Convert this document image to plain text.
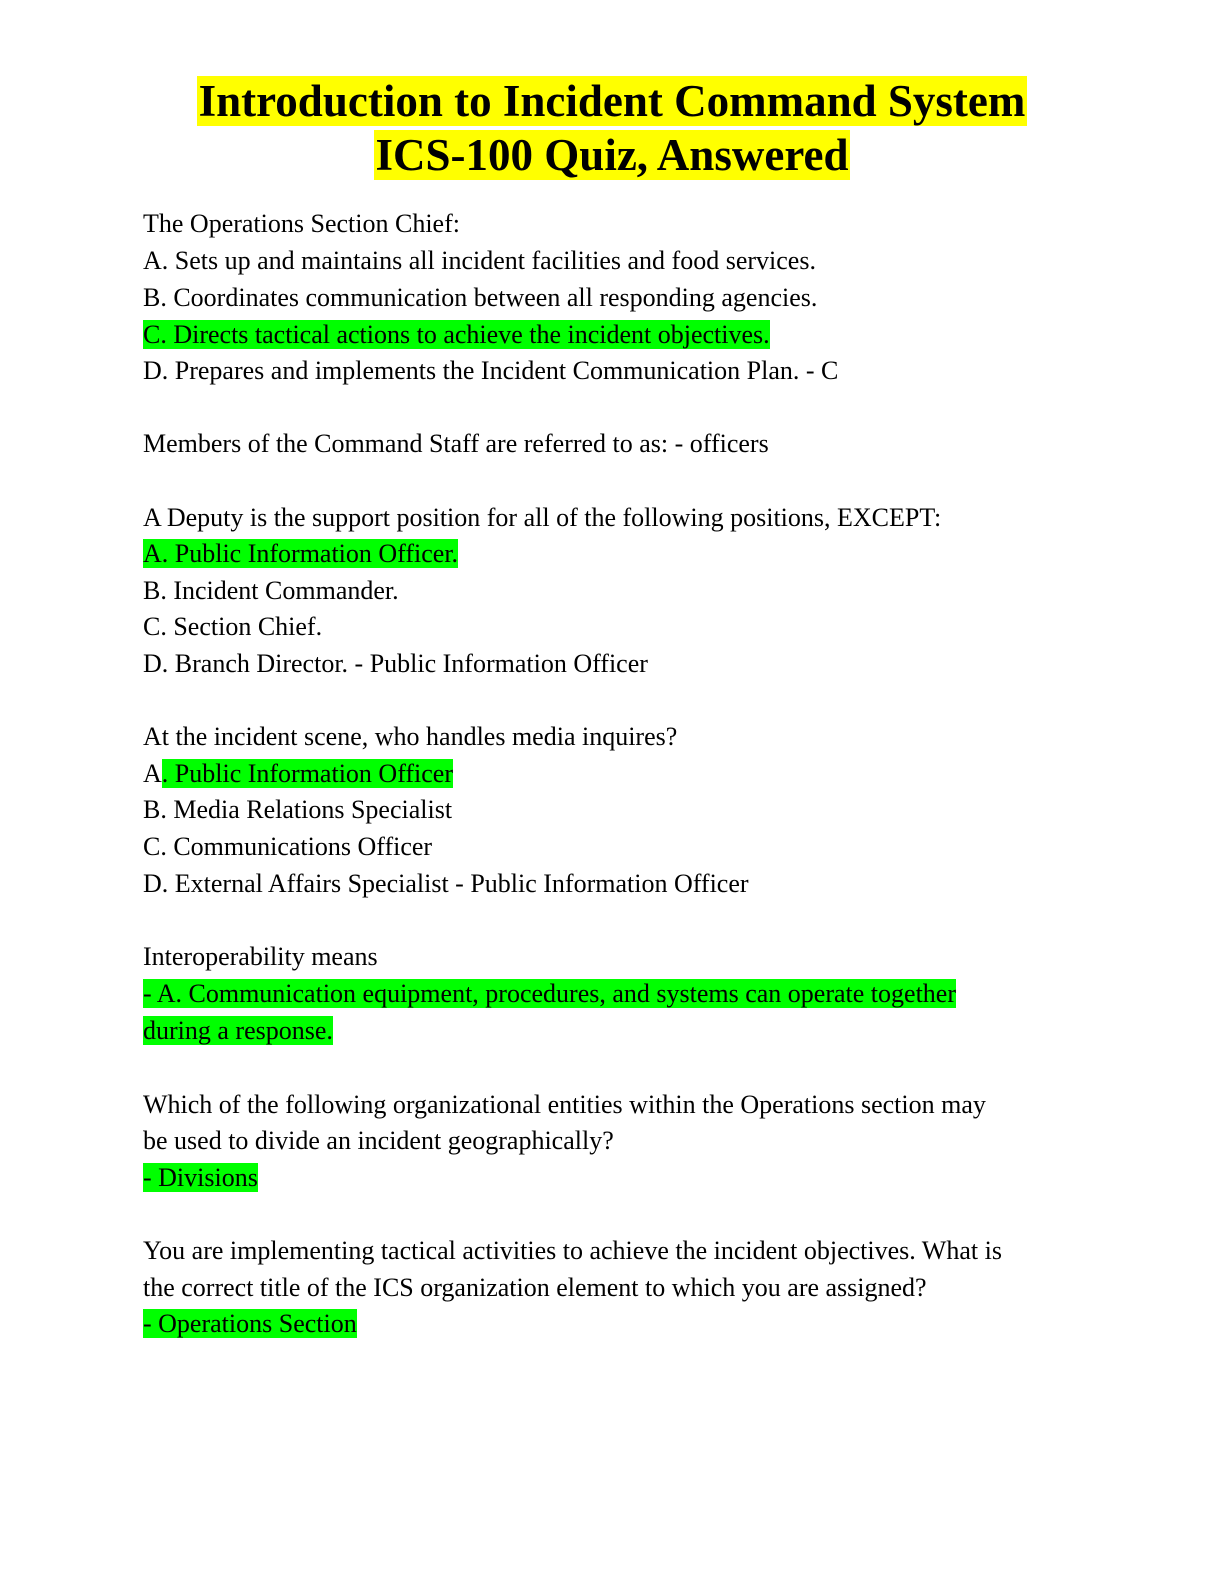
Introduction to Incident Command System
ICS-100 Quiz, Answered
The Operations Section Chief:
A. Sets up and maintains all incident facilities and food services.
B. Coordinates communication between all responding agencies.
C. Directs tactical actions to achieve the incident objectives.
D. Prepares and implements the Incident Communication Plan. - C
Members of the Command Staff are referred to as: - officers
A Deputy is the support position for all of the following positions, EXCEPT:
A. Public Information Officer.
B. Incident Commander.
C. Section Chief.
D. Branch Director. - Public Information Officer
At the incident scene, who handles media inquires?
A. Public Information Officer
B. Media Relations Specialist
C. Communications Officer
D. External Affairs Specialist - Public Information Officer
Interoperability means
- A. Communication equipment, procedures, and systems can operate together
during a response.
Which of the following organizational entities within the Operations section may
be used to divide an incident geographically?
- Divisions
You are implementing tactical activities to achieve the incident objectives. What is
the correct title of the ICS organization element to which you are assigned?
- Operations Section
